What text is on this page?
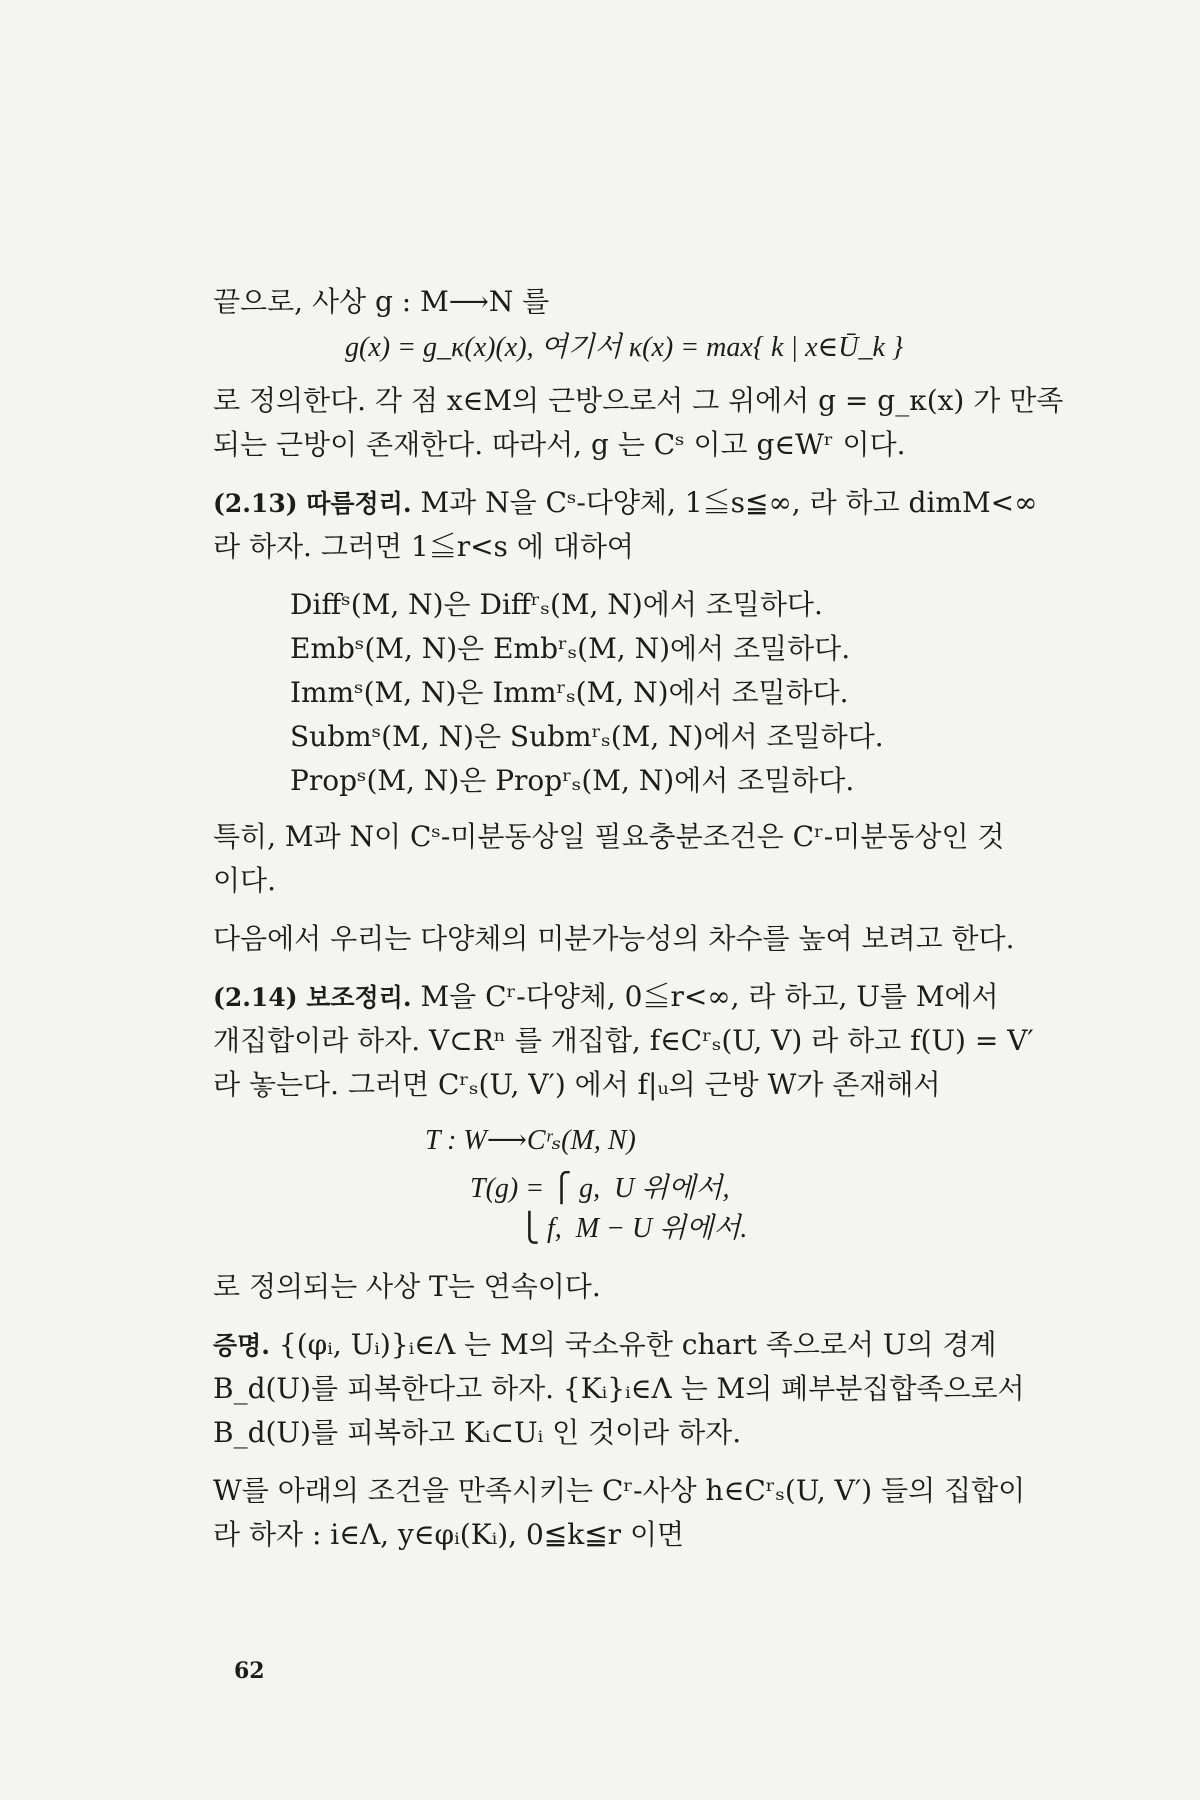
끝으로, 사상 g : M⟶N 를
g(x) = g_κ(x)(x), 여기서 κ(x) = max{ k | x∈Ū_k }
로 정의한다. 각 점 x∈M의 근방으로서 그 위에서 g = g_κ(x) 가 만족
되는 근방이 존재한다. 따라서, g 는 Cˢ 이고 g∈Wʳ 이다.
(2.13) 따름정리. M과 N을 Cˢ-다양체, 1≦s≦∞, 라 하고 dimM<∞
라 하자. 그러면 1≦r<s 에 대하여
Diffˢ(M, N)은 Diffʳₛ(M, N)에서 조밀하다.
Embˢ(M, N)은 Embʳₛ(M, N)에서 조밀하다.
Immˢ(M, N)은 Immʳₛ(M, N)에서 조밀하다.
Submˢ(M, N)은 Submʳₛ(M, N)에서 조밀하다.
Propˢ(M, N)은 Propʳₛ(M, N)에서 조밀하다.
특히, M과 N이 Cˢ-미분동상일 필요충분조건은 Cʳ-미분동상인 것
이다.
다음에서 우리는 다양체의 미분가능성의 차수를 높여 보려고 한다.
(2.14) 보조정리. M을 Cʳ-다양체, 0≦r<∞, 라 하고, U를 M에서
개집합이라 하자. V⊂Rⁿ 를 개집합, f∈Cʳₛ(U, V) 라 하고 f(U) = V′
라 놓는다. 그러면 Cʳₛ(U, V′) 에서 f|ᵤ의 근방 W가 존재해서
T : W⟶Cʳₛ(M, N)
T(g) = ⎧ g,  U 위에서,
⎩ f,  M − U 위에서.
로 정의되는 사상 T는 연속이다.
증명. {(φᵢ, Uᵢ)}ᵢ∈Λ 는 M의 국소유한 chart 족으로서 U의 경계
B_d(U)를 피복한다고 하자. {Kᵢ}ᵢ∈Λ 는 M의 폐부분집합족으로서
B_d(U)를 피복하고 Kᵢ⊂Uᵢ 인 것이라 하자.
W를 아래의 조건을 만족시키는 Cʳ-사상 h∈Cʳₛ(U, V′) 들의 집합이
라 하자 : i∈Λ, y∈φᵢ(Kᵢ), 0≦k≦r 이면
62
